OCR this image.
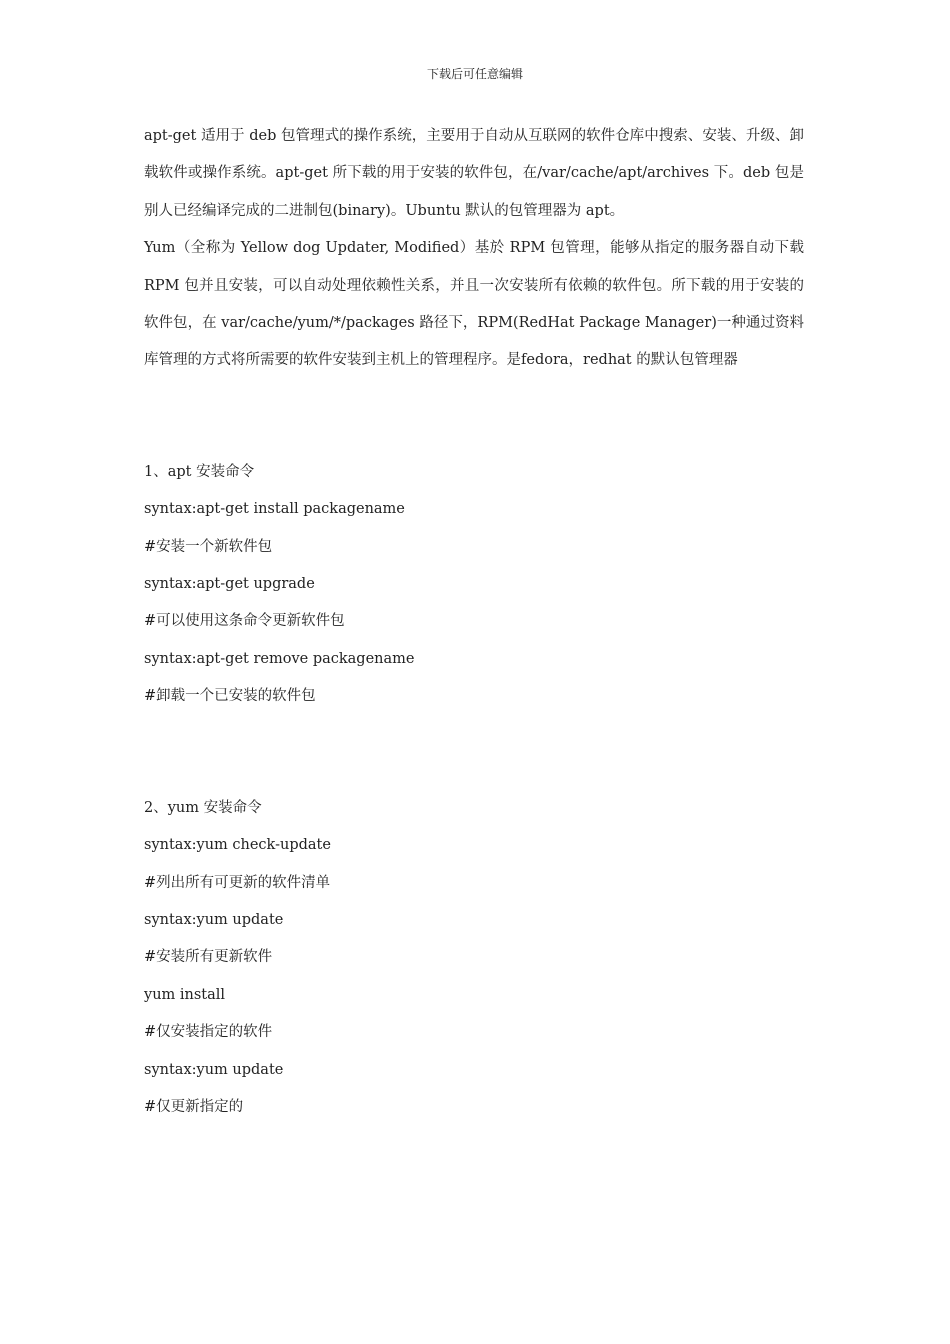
下载后可任意编辑

apt-get 适用于 deb 包管理式的操作系统，主要用于自动从互联网的软件仓库中搜索、安装、升级、卸载软件或操作系统。apt-get 所下载的用于安装的软件包，在/var/cache/apt/archives 下。deb 包是别人已经编译完成的二进制包(binary)。Ubuntu 默认的包管理器为 apt。

Yum（全称为 Yellow dog Updater, Modified）基於 RPM 包管理，能够从指定的服务器自动下载 RPM 包并且安装，可以自动处理依赖性关系，并且一次安装所有依赖的软件包。所下载的用于安装的软件包，在 var/cache/yum/*/packages 路径下，RPM(RedHat Package Manager)一种通过资料库管理的方式将所需要的软件安装到主机上的管理程序。是fedora，redhat 的默认包管理器

1、apt 安装命令

syntax:apt-get install packagename

#安装一个新软件包

syntax:apt-get upgrade

#可以使用这条命令更新软件包

syntax:apt-get remove packagename

#卸载一个已安装的软件包

2、yum 安装命令

syntax:yum check-update

#列出所有可更新的软件清单

syntax:yum update

#安装所有更新软件

yum install

#仅安装指定的软件

syntax:yum update

#仅更新指定的
